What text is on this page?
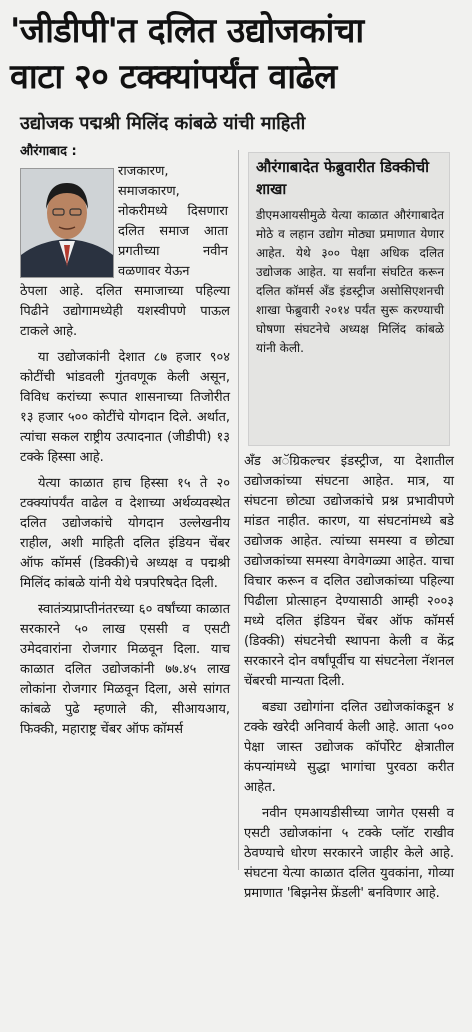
'जीडीपी'त दलित उद्योजकांचा
वाटा २० टक्क्यांपर्यंत वाढेल
उद्योजक पद्मश्री मिलिंद कांबळे यांची माहिती
औरंगाबाद :
राजकारण, समाजकारण, नोकरीमध्ये दिसणारा दलित समाज आता प्रगतीच्या नवीन वळणावर येऊन

ठेपला आहे. दलित समाजाच्या पहिल्या पिढीने उद्योगामध्येही यशस्वीपणे पाऊल टाकले आहे.

या उद्योजकांनी देशात ८७ हजार ९०४ कोटींची भांडवली गुंतवणूक केली असून, विविध करांच्या रूपात शासनाच्या तिजोरीत १३ हजार ५०० कोटींचे योगदान दिले. अर्थात, त्यांचा सकल राष्ट्रीय उत्पादनात (जीडीपी) १३ टक्के हिस्सा आहे.

येत्या काळात हाच हिस्सा १५ ते २० टक्क्यांपर्यंत वाढेल व देशाच्या अर्थव्यवस्थेत दलित उद्योजकांचे योगदान उल्लेखनीय राहील, अशी माहिती दलित इंडियन चेंबर ऑफ कॉमर्स (डिक्की)चे अध्यक्ष व पद्मश्री मिलिंद कांबळे यांनी येथे पत्रपरिषदेत दिली.

स्वातंत्र्यप्राप्तीनंतरच्या ६० वर्षांच्या काळात सरकारने ५० लाख एससी व एसटी उमेदवारांना रोजगार मिळवून दिला. याच काळात दलित उद्योजकांनी ७७.४५ लाख लोकांना रोजगार मिळवून दिला, असे सांगत कांबळे पुढे म्हणाले की, सीआयआय, फिक्की, महाराष्ट्र चेंबर ऑफ कॉमर्स

औरंगाबादेत फेब्रुवारीत डिक्कीची शाखा
डीएमआयसीमुळे येत्या काळात औरंगाबादेत मोठे व लहान उद्योग मोठ्या प्रमाणात येणार आहेत. येथे ३०० पेक्षा अधिक दलित उद्योजक आहेत. या सर्वांना संघटित करून दलित कॉमर्स अँड इंडस्ट्रीज असोसिएशनची शाखा फेब्रुवारी २०१४ पर्यंत सुरू करण्याची घोषणा संघटनेचे अध्यक्ष मिलिंद कांबळे यांनी केली.

अँड अॅग्रिकल्चर इंडस्ट्रीज, या देशातील उद्योजकांच्या संघटना आहेत. मात्र, या संघटना छोट्या उद्योजकांचे प्रश्न प्रभावीपणे मांडत नाहीत. कारण, या संघटनांमध्ये बडे उद्योजक आहेत. त्यांच्या समस्या व छोट्या उद्योजकांच्या समस्या वेगवेगळ्या आहेत. याचा विचार करून व दलित उद्योजकांच्या पहिल्या पिढीला प्रोत्साहन देण्यासाठी आम्ही २००३ मध्ये दलित इंडियन चेंबर ऑफ कॉमर्स (डिक्की) संघटनेची स्थापना केली व केंद्र सरकारने दोन वर्षांपूर्वीच या संघटनेला नॅशनल चेंबरची मान्यता दिली.

बड्या उद्योगांना दलित उद्योजकांकडून ४ टक्के खरेदी अनिवार्य केली आहे. आता ५०० पेक्षा जास्त उद्योजक कॉर्पोरेट क्षेत्रातील कंपन्यांमध्ये सुद्धा भागांचा पुरवठा करीत आहेत.

नवीन एमआयडीसीच्या जागेत एससी व एसटी उद्योजकांना ५ टक्के प्लॉट राखीव ठेवण्याचे धोरण सरकारने जाहीर केले आहे. संघटना येत्या काळात दलित युवकांना, गोव्या प्रमाणात 'बिझनेस फ्रेंडली' बनविणार आहे.
